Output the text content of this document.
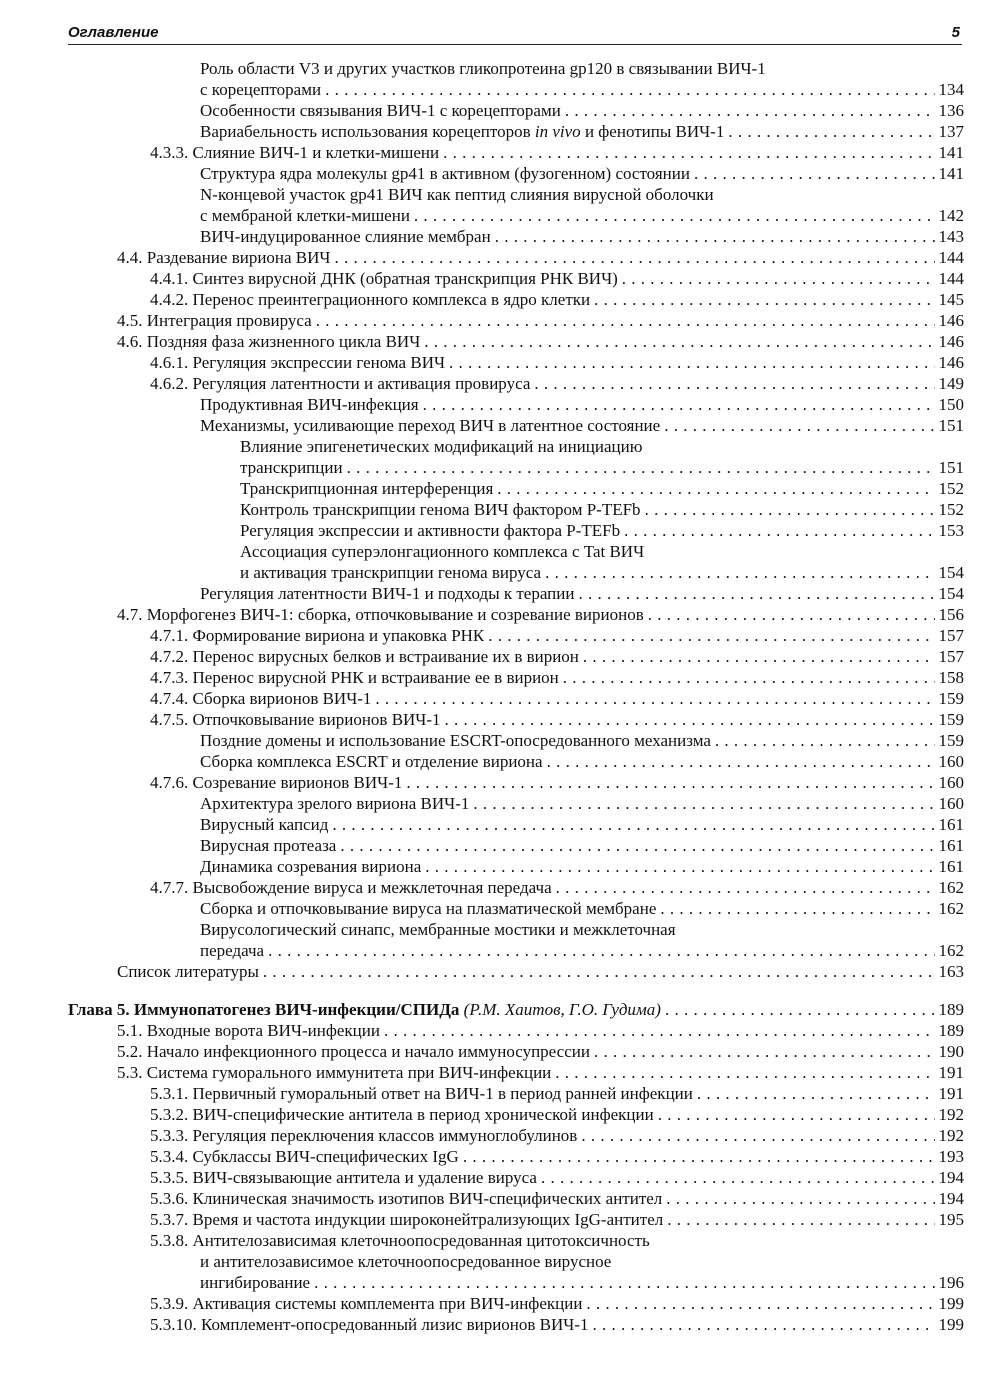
Оглавление	5
Роль области V3 и других участков гликопротеина gp120 в связывании ВИЧ-1
с корецепторами . . .	134
Особенности связывания ВИЧ-1 с корецепторами . . .	136
Вариабельность использования корецепторов in vivo и фенотипы ВИЧ-1 . . .	137
4.3.3. Слияние ВИЧ-1 и клетки-мишени . . .	141
Структура ядра молекулы gp41 в активном (фузогенном) состоянии . . .	141
N-концевой участок gp41 ВИЧ как пептид слияния вирусной оболочки
с мембраной клетки-мишени . . .	142
ВИЧ-индуцированное слияние мембран . . .	143
4.4. Раздевание вириона ВИЧ . . .	144
4.4.1. Синтез вирусной ДНК (обратная транскрипция РНК ВИЧ) . . .	144
4.4.2. Перенос преинтеграционного комплекса в ядро клетки . . .	145
4.5. Интеграция провируса . . .	146
4.6. Поздняя фаза жизненного цикла ВИЧ . . .	146
4.6.1. Регуляция экспрессии генома ВИЧ . . .	146
4.6.2. Регуляция латентности и активация провируса . . .	149
Продуктивная ВИЧ-инфекция . . .	150
Механизмы, усиливающие переход ВИЧ в латентное состояние . . .	151
Влияние эпигенетических модификаций на инициацию
транскрипции . . .	151
Транскрипционная интерференция . . .	152
Контроль транскрипции генома ВИЧ фактором P-TEFb . . .	152
Регуляция экспрессии и активности фактора P-TEFb . . .	153
Ассоциация суперэлонгационного комплекса с Tat ВИЧ
и активация транскрипции генома вируса . . .	154
Регуляция латентности ВИЧ-1 и подходы к терапии . . .	154
4.7. Морфогенез ВИЧ-1: сборка, отпочковывание и созревание вирионов . . .	156
4.7.1. Формирование вириона и упаковка РНК . . .	157
4.7.2. Перенос вирусных белков и встраивание их в вирион . . .	157
4.7.3. Перенос вирусной РНК и встраивание ее в вирион . . .	158
4.7.4. Сборка вирионов ВИЧ-1 . . .	159
4.7.5. Отпочковывание вирионов ВИЧ-1 . . .	159
Поздние домены и использование ESCRT-опосредованного механизма . . .	159
Сборка комплекса ESCRT и отделение вириона . . .	160
4.7.6. Созревание вирионов ВИЧ-1 . . .	160
Архитектура зрелого вириона ВИЧ-1 . . .	160
Вирусный капсид . . .	161
Вирусная протеаза . . .	161
Динамика созревания вириона . . .	161
4.7.7. Высвобождение вируса и межклеточная передача . . .	162
Сборка и отпочковывание вируса на плазматической мембране . . .	162
Вирусологический синапс, мембранные мостики и межклеточная
передача . . .	162
Список литературы . . .	163
Глава 5. Иммунопатогенез ВИЧ-инфекции/СПИДа (Р.М. Хаитов, Г.О. Гудима) . . .	189
5.1. Входные ворота ВИЧ-инфекции . . .	189
5.2. Начало инфекционного процесса и начало иммуносупрессии . . .	190
5.3. Система гуморального иммунитета при ВИЧ-инфекции . . .	191
5.3.1. Первичный гуморальный ответ на ВИЧ-1 в период ранней инфекции . . .	191
5.3.2. ВИЧ-специфические антитела в период хронической инфекции . . .	192
5.3.3. Регуляция переключения классов иммуноглобулинов . . .	192
5.3.4. Субклассы ВИЧ-специфических IgG . . .	193
5.3.5. ВИЧ-связывающие антитела и удаление вируса . . .	194
5.3.6. Клиническая значимость изотипов ВИЧ-специфических антител . . .	194
5.3.7. Время и частота индукции широконейтрализующих IgG-антител . . .	195
5.3.8. Антителозависимая клеточноопосредованная цитотоксичность
и антителозависимое клеточноопосредованное вирусное
ингибирование . . .	196
5.3.9. Активация системы комплемента при ВИЧ-инфекции . . .	199
5.3.10. Комплемент-опосредованный лизис вирионов ВИЧ-1 . . .	199
